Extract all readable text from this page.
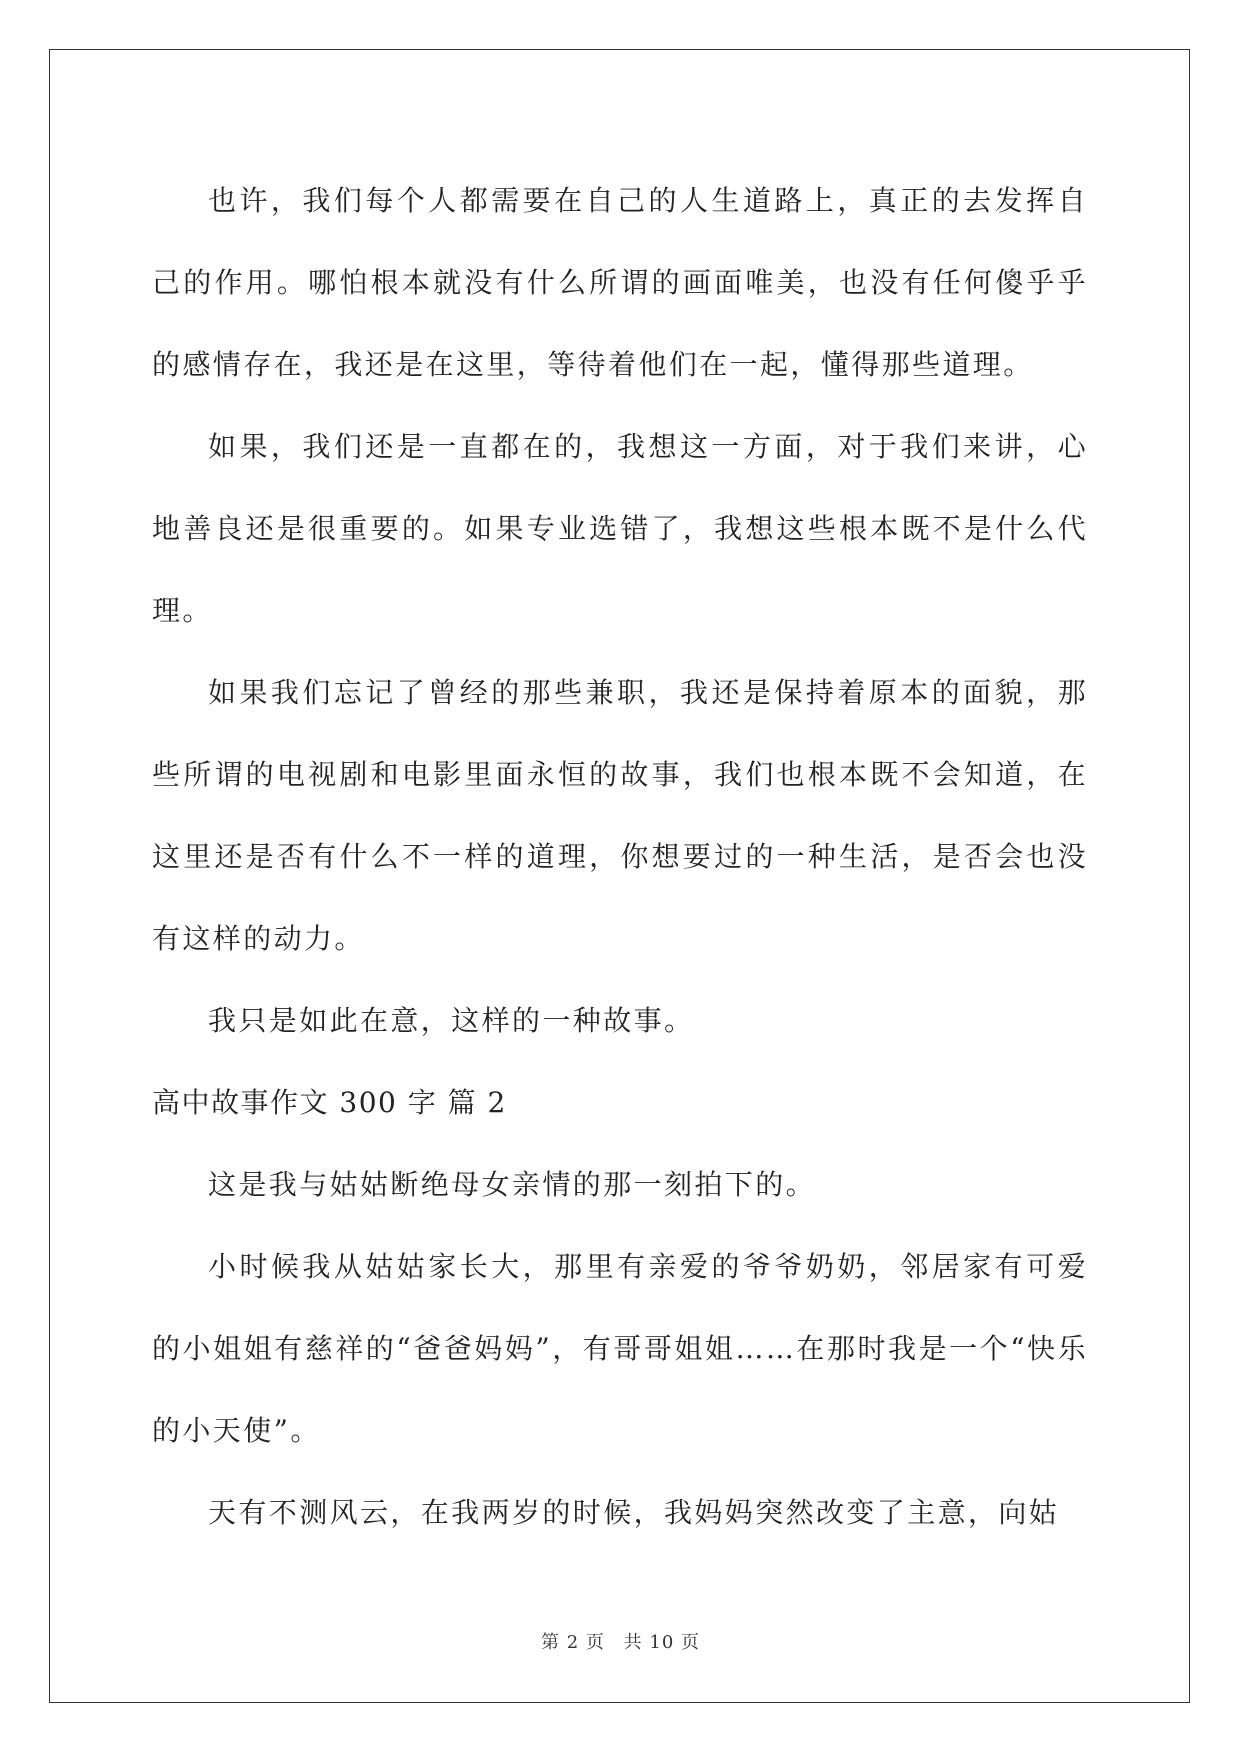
也许，我们每个人都需要在自己的人生道路上，真正的去发挥自己的作用。哪怕根本就没有什么所谓的画面唯美，也没有任何傻乎乎的感情存在，我还是在这里，等待着他们在一起，懂得那些道理。

如果，我们还是一直都在的，我想这一方面，对于我们来讲，心地善良还是很重要的。如果专业选错了，我想这些根本既不是什么代理。

如果我们忘记了曾经的那些兼职，我还是保持着原本的面貌，那些所谓的电视剧和电影里面永恒的故事，我们也根本既不会知道，在这里还是否有什么不一样的道理，你想要过的一种生活，是否会也没有这样的动力。

我只是如此在意，这样的一种故事。

高中故事作文 300 字 篇 2

这是我与姑姑断绝母女亲情的那一刻拍下的。

小时候我从姑姑家长大，那里有亲爱的爷爷奶奶，邻居家有可爱的小姐姐有慈祥的“爸爸妈妈”，有哥哥姐姐……在那时我是一个“快乐的小天使”。

天有不测风云，在我两岁的时候，我妈妈突然改变了主意，向姑

第 2 页 共 10 页
